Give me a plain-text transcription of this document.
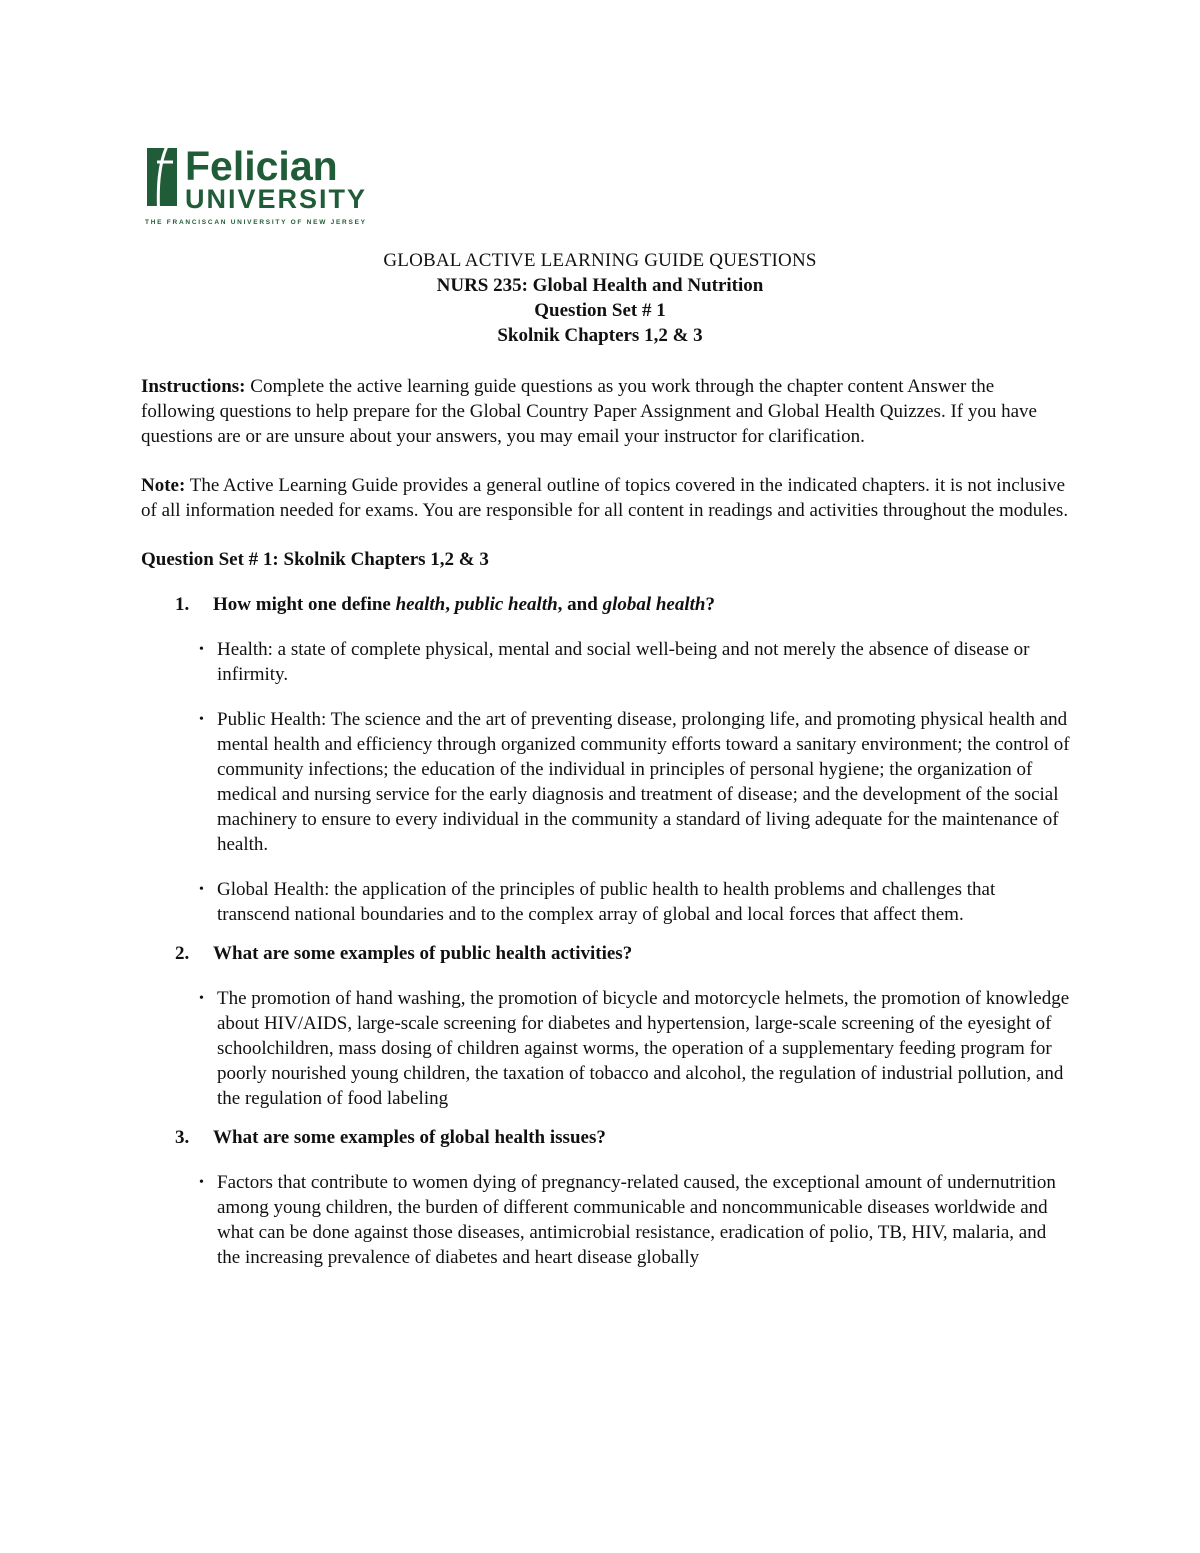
Felician
UNIVERSITY
THE FRANCISCAN UNIVERSITY OF NEW JERSEY
GLOBAL ACTIVE LEARNING GUIDE QUESTIONS
NURS 235: Global Health and Nutrition
Question Set # 1
Skolnik Chapters 1,2 & 3

Instructions: Complete the active learning guide questions as you work through the chapter content Answer the following questions to help prepare for the Global Country Paper Assignment and Global Health Quizzes. If you have questions are or are unsure about your answers, you may email your instructor for clarification.

Note: The Active Learning Guide provides a general outline of topics covered in the indicated chapters. it is not inclusive of all information needed for exams. You are responsible for all content in readings and activities throughout the modules.

Question Set # 1: Skolnik Chapters 1,2 & 3

1.	How might one define health, public health, and global health?
• Health: a state of complete physical, mental and social well-being and not merely the absence of disease or infirmity.
• Public Health: The science and the art of preventing disease, prolonging life, and promoting physical health and mental health and efficiency through organized community efforts toward a sanitary environment; the control of community infections; the education of the individual in principles of personal hygiene; the organization of medical and nursing service for the early diagnosis and treatment of disease; and the development of the social machinery to ensure to every individual in the community a standard of living adequate for the maintenance of health.
• Global Health: the application of the principles of public health to health problems and challenges that transcend national boundaries and to the complex array of global and local forces that affect them.
2.	What are some examples of public health activities?
• The promotion of hand washing, the promotion of bicycle and motorcycle helmets, the promotion of knowledge about HIV/AIDS, large-scale screening for diabetes and hypertension, large-scale screening of the eyesight of schoolchildren, mass dosing of children against worms, the operation of a supplementary feeding program for poorly nourished young children, the taxation of tobacco and alcohol, the regulation of industrial pollution, and the regulation of food labeling
3.	What are some examples of global health issues?
• Factors that contribute to women dying of pregnancy-related caused, the exceptional amount of undernutrition among young children, the burden of different communicable and noncommunicable diseases worldwide and what can be done against those diseases, antimicrobial resistance, eradication of polio, TB, HIV, malaria, and the increasing prevalence of diabetes and heart disease globally
